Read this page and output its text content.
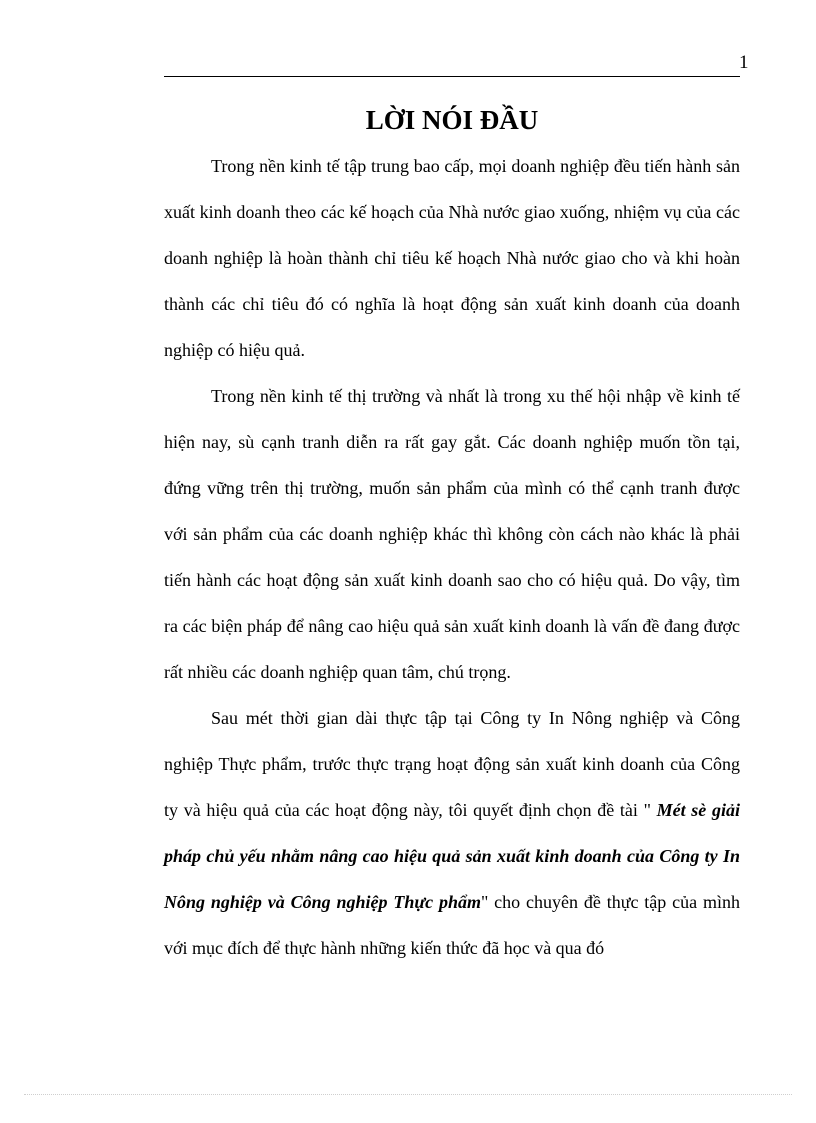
1
LỜI NÓI ĐẦU

Trong nền kinh tế tập trung bao cấp, mọi doanh nghiệp đều tiến hành sản xuất kinh doanh theo các kế hoạch của Nhà nước giao xuống, nhiệm vụ của các doanh nghiệp là hoàn thành chỉ tiêu kế hoạch Nhà nước giao cho và khi hoàn thành các chỉ tiêu đó có nghĩa là hoạt động sản xuất kinh doanh của doanh nghiệp có hiệu quả.

Trong nền kinh tế thị trường và nhất là trong xu thế hội nhập về kinh tế hiện nay, sù cạnh tranh diễn ra rất gay gắt. Các doanh nghiệp muốn tồn tại, đứng vững trên thị trường, muốn sản phẩm của mình có thể cạnh tranh được với sản phẩm của các doanh nghiệp khác thì không còn cách nào khác là phải tiến hành các hoạt động sản xuất kinh doanh sao cho có hiệu quả. Do vậy, tìm ra các biện pháp để nâng cao hiệu quả sản xuất kinh doanh là vấn đề đang được rất nhiều các doanh nghiệp quan tâm, chú trọng.

Sau mét thời gian dài thực tập tại Công ty In Nông nghiệp và Công nghiệp Thực phẩm, trước thực trạng hoạt động sản xuất kinh doanh của Công ty và hiệu quả của các hoạt động này, tôi quyết định chọn đề tài " Mét sè giải pháp chủ yếu nhằm nâng cao hiệu quả sản xuất kinh doanh của Công ty In Nông nghiệp và Công nghiệp Thực phẩm" cho chuyên đề thực tập của mình với mục đích để thực hành những kiến thức đã học và qua đó
